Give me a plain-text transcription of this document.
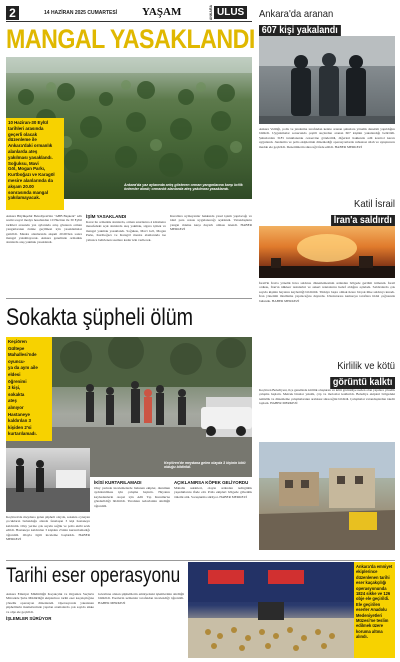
2	14 HAZİRAN 2025 CUMARTESİ YAŞAM	ANKARA ULUS
MANGAL YASAKLANDI
Ankara'da yaz aylarında artış gösteren orman yangınlarına karşı kritik önlemler alındı; ormanlık alanlarda ateş yakılması yasaklandı.
10 Haziran-30 Eylül
tarihleri arasında
geçerli olacak
düzenleme ile
Ankara'daki ormanlık
alanlarda ateş
yakılması yasaklandı.
Soğuksu, Mavi
Göl, Mogan Parkı,
Kurtboğazı ve Karagöl
mesire alanlarında da
akşam 20.00
sonrasında mangal
yakılamayacak.

Ankara Büyükşehir Belediyesi'nin "ABB Başkent" adlı resmi sosyal medya hesabından 10 Haziran ile 30 Eylül tarihleri arasında yaz aylarında artış gösteren orman yangınlarının önüne geçilmesi için yasaklamalar getirildi. Mesire alanlarında akşam 20.00'den sonra mangal yakılmayacak. Ankara genelinde ormanlık alanlarda ateş yakmak yasaklandı.

İŞİM YASAKLANDI

Karar ile ormanlık alanlarda, orman sınırlarına 4 kilometre mesafedeki açık alanlarda ateş yakmak, sigara içmek ve mangal yakmak yasaklandı. Soğuksu, Mavi Göl, Mogan Parkı, Kurtboğazı ve Karagöl mesire alanlarında ise yalnızca belirlenen saatlere kadar izin verilecek.

Kurallara uymayanlar hakkında yasal işlem yapılacağı ve idari para cezası uygulanacağı açıklandı. Vatandaşların yangın riskine karşı duyarlı olması istendi. HABER MERKEZİ

Ankara'da aranan
607 kişi yakalandı

Ankara Valiliği, polis ve jandarma tarafından kentte aranan şahıslara yönelik denetim yapıldığını bildirdi. Uygulamalar sonucunda çeşitli suçlardan aranan 607 kişinin yakalandığı belirtildi. Şahıslardan 318'i tutuklanarak cezaevine gönderildi, diğerleri hakkında adli kontrol kararı uygulandı. Jandarma ve polis ekiplerinin düzenlediği operasyonlarda ruhsatsız silah ve uyuşturucu madde ele geçirildi. Denetimlerin süreceği ifade edildi. HABER MERKEZİ

Katil İsrail
İran'a saldırdı

İsrail'in İran'a yönelik hava saldırısı düzenlemesinin ardından bölgede gerilim tırmandı. İsrail ordusu, İran'ın nükleer tesislerini ve askeri noktalarını hedef aldığını açıkladı. Saldırılarda çok sayıda kişinin hayatını kaybettiği bildirildi. Türkiye başta olmak üzere birçok ülke saldırıyı kınadı. İran yönetimi misilleme yapılacağını duyurdu. Uluslararası kamuoyu taraflara itidal çağrısında bulundu. HABER MERKEZİ

Kirlilik ve kötü
görüntü kalktı

Keçiören Belediyesi, ilçe genelinde kirlilik oluşturan ve kötü görüntüye neden olan yapılara yönelik çalışma başlattı. Metruk binalar yıkıldı, çöp ve molozlar kaldırıldı. Belediye ekipleri bölgedeki temizlik ve düzenleme çalışmalarının aralıksız süreceğini bildirdi. Çalışmalar vatandaşlardan takdir topladı. HABER MERKEZİ

Sokakta şüpheli ölüm
Keçiören'de meydana gelen olayda 3 kişinin kötü olduğu bildirildi.
Keçiören
Gültepe
Mahallesi'nde
oyuncu-
ya da aynı aile
eldesi
öğrenimi
3 kişi,
sokakta
ateş
alınıyor
Hastaneye
kaldırılan 3
kişiden 2'si
kurtarılamadı.

Keçiören'de meydana gelen şüpheli olayda, sokakta oynayan çocukların bulunduğu alanda fenalaşan 3 kişi hastaneye kaldırıldı. Olay yerine çok sayıda sağlık ve polis ekibi sevk edildi. Hastaneye kaldırılan 3 kişiden 2'sinin kurtarılamadığı öğrenildi. Olayla ilgili inceleme başlatıldı. HABER MERKEZİ

İKİSİ KURTARILAMADI

Olay yerinde incelemelerde bulunan ekipler, durumun aydınlatılması için çalışma başlattı. Hayatını kaybedenlerin otopsi için Adli Tıp Kurumu'na gönderildiği bildirildi. Yaralının tedavisinin sürdüğü öğrenildi.

AÇIKLANIRSA KÖPEK GELİYORDU

Mahalle sakinleri, olayın ardından tedirginlik yaşadıklarını ifade etti. Polis ekipleri bölgede güvenlik önlemi aldı. Soruşturma sürüyor. HABER MERKEZİ

Tarihi eser operasyonu	Ankara'da emniyet ekiplerince düzenlenen tarihi eser kaçakçılığı operasyonunda 1824 sikke ve 126 obje ele geçirildi. Ele geçirilen eserler Anadolu Medeniyetleri Müzesi'ne teslim edilmek üzere koruma altına alındı.

Ankara Emniyet Müdürlüğü Kaçakçılık ve Organize Suçlarla Mücadele Şube Müdürlüğü ekiplerince tarihi eser kaçakçılığına yönelik operasyon düzenlendi. Operasyonda yakalanan şüphelilerin ikametlerinde yapılan aramalarda çok sayıda sikke ve obje ele geçirildi.

İŞLEMLER SÜRÜYOR

Gözaltına alınan şüphelilerin emniyetteki işlemlerinin sürdüğü bildirildi. Eserlerin uzmanlar tarafından incelendiği öğrenildi. HABER MERKEZİ
